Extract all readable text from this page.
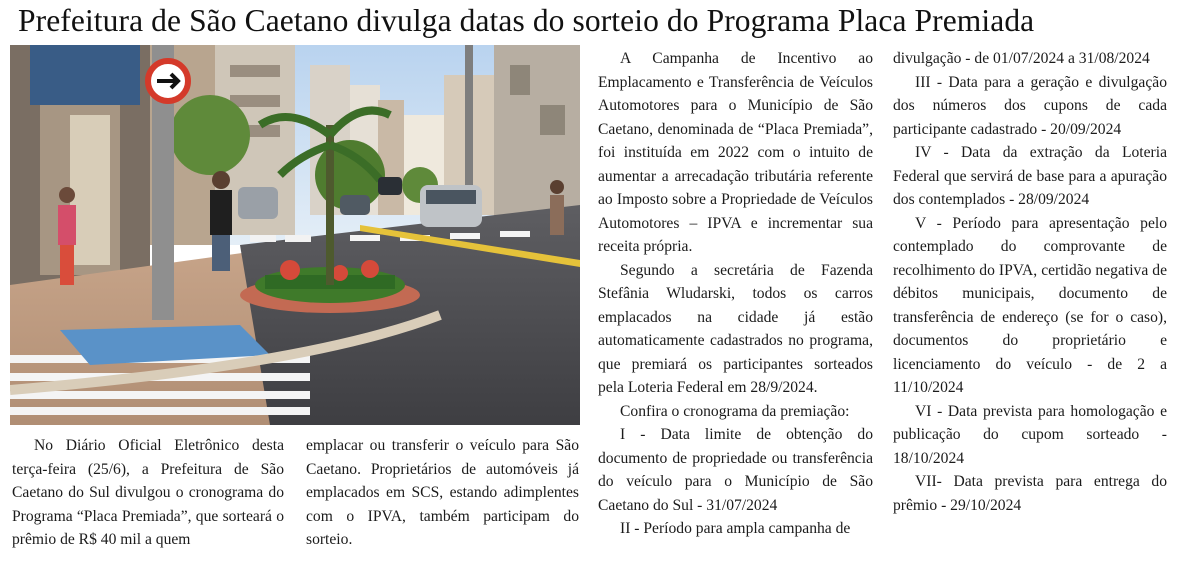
Prefeitura de São Caetano divulga datas do sorteio do Programa Placa Premiada

No Diário Oficial Eletrônico desta terça-feira (25/6), a Prefeitura de São Caetano do Sul divulgou o cronograma do Programa “Placa Premiada”, que sorteará o prêmio de R$ 40 mil a quem

emplacar ou transferir o veículo para São Caetano. Proprietários de automóveis já emplacados em SCS, estando adimplentes com o IPVA, também participam do sorteio.

A Campanha de Incentivo ao Emplacamento e Transferência de Veículos Automotores para o Município de São Caetano, denominada de “Placa Premiada”, foi instituída em 2022 com o intuito de aumentar a arrecadação tributária referente ao Imposto sobre a Propriedade de Veículos Automotores – IPVA e incrementar sua receita própria.

Segundo a secretária de Fazenda Stefânia Wludarski, todos os carros emplacados na cidade já estão automaticamente cadastrados no programa, que premiará os participantes sorteados pela Loteria Federal em 28/9/2024.

Confira o cronograma da premiação:

I - Data limite de obtenção do documento de propriedade ou transferência do veículo para o Município de São Caetano do Sul - 31/07/2024

II - Período para ampla campanha de

divulgação - de 01/07/2024 a 31/08/2024

III - Data para a geração e divulgação dos números dos cupons de cada participante cadastrado - 20/09/2024

IV - Data da extração da Loteria Federal que servirá de base para a apuração dos contemplados - 28/09/2024

V - Período para apresentação pelo contemplado do comprovante de recolhimento do IPVA, certidão negativa de débitos municipais, documento de transferência de endereço (se for o caso), documentos do proprietário e licenciamento do veículo - de 2 a 11/10/2024

VI - Data prevista para homologação e publicação do cupom sorteado - 18/10/2024

VII- Data prevista para entrega do prêmio - 29/10/2024
